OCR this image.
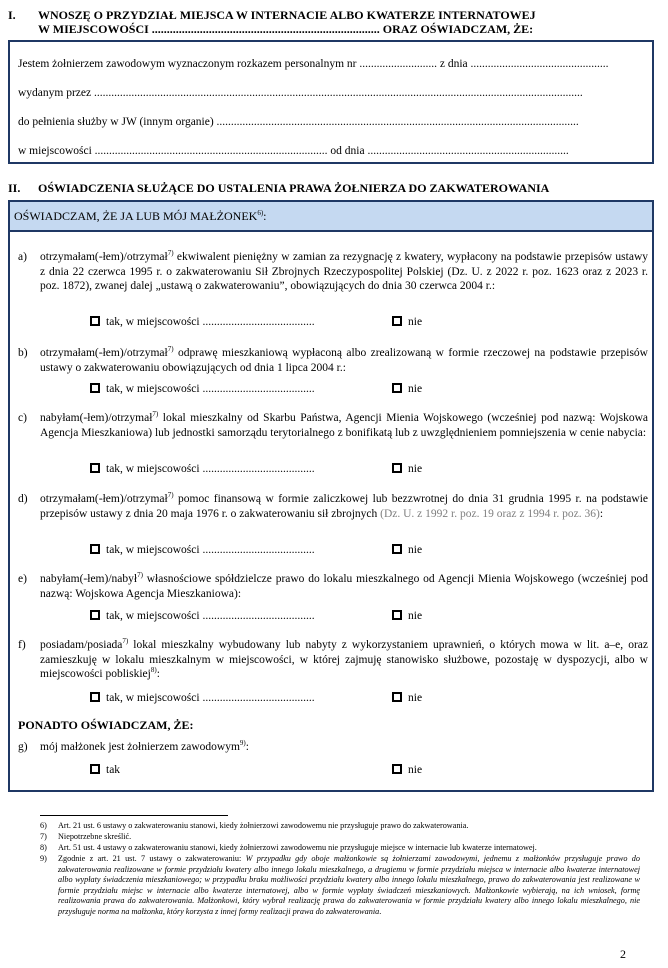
I. WNOSZĘ O PRZYDZIAŁ MIEJSCA W INTERNACIE ALBO KWATERZE INTERNATOWEJ
W MIEJSCOWOŚCI ............................................................................ ORAZ OŚWIADCZAM, ŻE:
Jestem żołnierzem zawodowym wyznaczonym rozkazem personalnym nr ........................... z dnia ................................................
wydanym przez ..........................................................................................................................................................................
do pełnienia służby w JW (innym organie) ..............................................................................................................................
w miejscowości ................................................................................. od dnia ......................................................................
II. OŚWIADCZENIA SŁUŻĄCE DO USTALENIA PRAWA ŻOŁNIERZA DO ZAKWATEROWANIA
OŚWIADCZAM, ŻE JA LUB MÓJ MAŁŻONEK$^{6)}$:
a) otrzymałam(-łem)/otrzymał$^{7)}$ ekwiwalent pieniężny w zamian za rezygnację z kwatery, wypłacony na podstawie przepisów ustawy z dnia 22 czerwca 1995 r. o zakwaterowaniu Sił Zbrojnych Rzeczypospolitej Polskiej (Dz. U. z 2022 r. poz. 1623 oraz z 2023 r. poz. 1872), zwanej dalej „ustawą o zakwaterowaniu”, obowiązujących do dnia 30 czerwca 2004 r.:
tak, w miejscowości .......................................	nie
b) otrzymałam(-łem)/otrzymał$^{7)}$ odprawę mieszkaniową wypłaconą albo zrealizowaną w formie rzeczowej na podstawie przepisów ustawy o zakwaterowaniu obowiązujących od dnia 1 lipca 2004 r.:
tak, w miejscowości .......................................	nie
c) nabyłam(-łem)/otrzymał$^{7)}$ lokal mieszkalny od Skarbu Państwa, Agencji Mienia Wojskowego (wcześniej pod nazwą: Wojskowa Agencja Mieszkaniowa) lub jednostki samorządu terytorialnego z bonifikatą lub z uwzględnieniem pomniejszenia w cenie nabycia:
tak, w miejscowości .......................................	nie
d) otrzymałam(-łem)/otrzymał$^{7)}$ pomoc finansową w formie zaliczkowej lub bezzwrotnej do dnia 31 grudnia 1995 r. na podstawie przepisów ustawy z dnia 20 maja 1976 r. o zakwaterowaniu sił zbrojnych (Dz. U. z 1992 r. poz. 19 oraz z 1994 r. poz. 36):
tak, w miejscowości .......................................	nie
e) nabyłam(-łem)/nabył$^{7)}$ własnościowe spółdzielcze prawo do lokalu mieszkalnego od Agencji Mienia Wojskowego (wcześniej pod nazwą: Wojskowa Agencja Mieszkaniowa):
tak, w miejscowości .......................................	nie
f) posiadam/posiada$^{7)}$ lokal mieszkalny wybudowany lub nabyty z wykorzystaniem uprawnień, o których mowa w lit. a–e, oraz zamieszkuję w lokalu mieszkalnym w miejscowości, w której zajmuję stanowisko służbowe, pozostaję w dyspozycji, albo w miejscowości pobliskiej$^{8)}$:
tak, w miejscowości .......................................	nie
PONADTO OŚWIADCZAM, ŻE:
g) mój małżonek jest żołnierzem zawodowym$^{9)}$:
tak	nie
6) Art. 21 ust. 6 ustawy o zakwaterowaniu stanowi, kiedy żołnierzowi zawodowemu nie przysługuje prawo do zakwaterowania.
7) Niepotrzebne skreślić.
8) Art. 51 ust. 4 ustawy o zakwaterowaniu stanowi, kiedy żołnierzowi zawodowemu nie przysługuje miejsce w internacie lub kwaterze internatowej.
9) Zgodnie z art. 21 ust. 7 ustawy o zakwaterowaniu: W przypadku gdy oboje małżonkowie są żołnierzami zawodowymi, jednemu z małżonków przysługuje prawo do zakwaterowania realizowane w formie przydziału kwatery albo innego lokalu mieszkalnego, a drugiemu w formie przydziału miejsca w internacie albo kwaterze internatowej albo wypłaty świadczenia mieszkaniowego; w przypadku braku możliwości przydziału kwatery albo innego lokalu mieszkalnego, prawo do zakwaterowania jest realizowane w formie przydziału miejsc w internacie albo kwaterze internatowej, albo w formie wypłaty świadczeń mieszkaniowych. Małżonkowie wybierają, na ich wniosek, formę realizowania prawa do zakwaterowania. Małżonkowi, który wybrał realizację prawa do zakwaterowania w formie przydziału kwatery albo innego lokalu mieszkalnego, nie przysługuje norma na małżonka, który korzysta z innej formy realizacji prawa do zakwaterowania.
2
